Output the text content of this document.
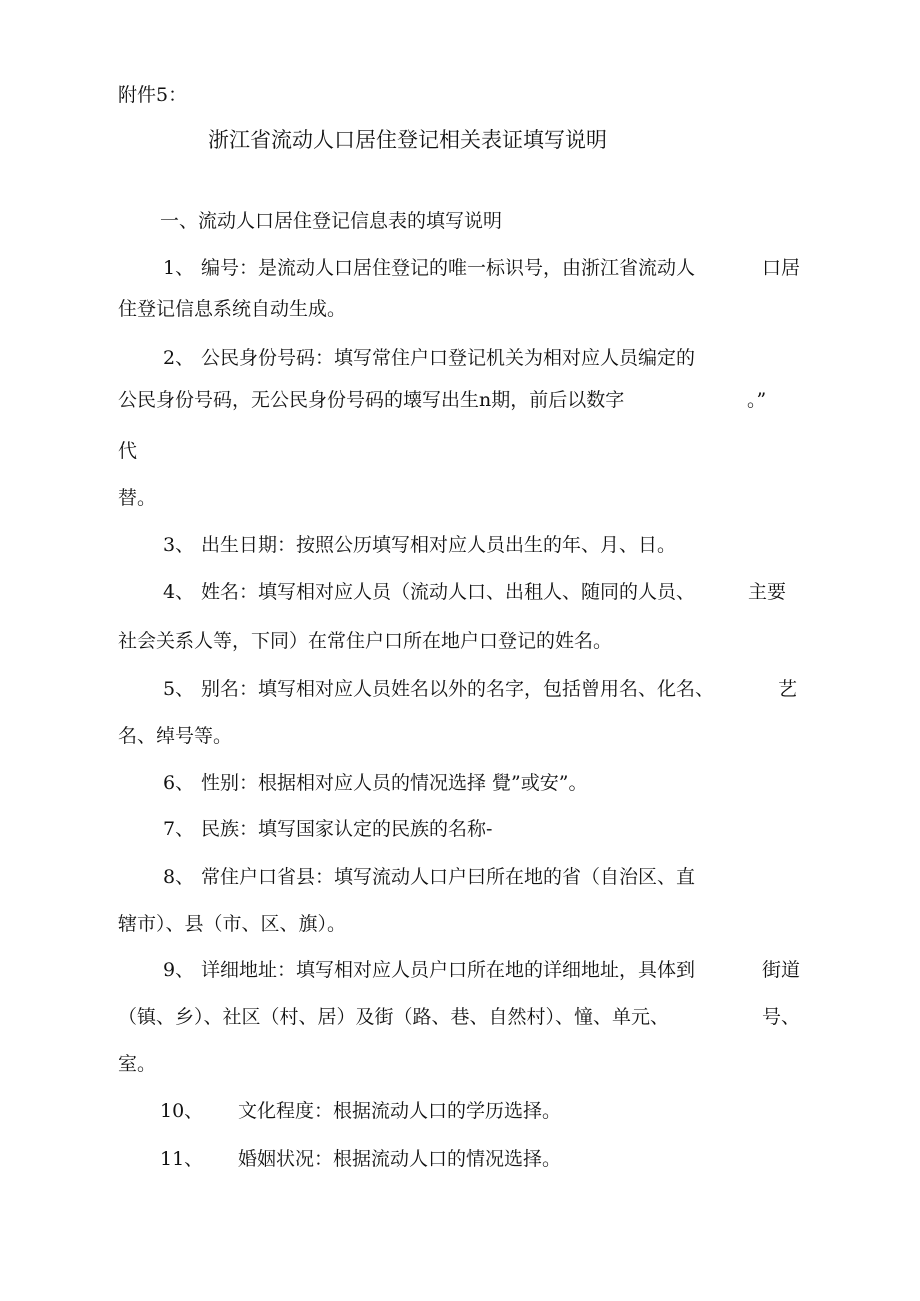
附件5：
浙江省流动人口居住登记相关表证填写说明
一、流动人口居住登记信息表的填写说明
1、 编号：是流动人口居住登记的唯一标识号，由浙江省流动人	口居
住登记信息系统自动生成。
2、 公民身份号码：填写常住户口登记机关为相对应人员编定的
公民身份号码，无公民身份号码的壊写出生n期，前后以数字	。”
代
替。
3、 出生日期：按照公历填写相对应人员出生的年、月、日。
4、 姓名：填写相对应人员（流动人口、出租人、随同的人员、	主要
社会关系人等，下同）在常住户口所在地户口登记的姓名。
5、 别名：填写相对应人员姓名以外的名字，包括曾用名、化名、	艺
名、绰号等。
6、 性别：根据相对应人员的情况选择 覺”或安”。
7、 民族：填写国家认定的民族的名称-
8、 常住户口省县：填写流动人口户曰所在地的省（自治区、直
辖市）、县（市、区、旗）。
9、 详细地址：填写相对应人员户口所在地的详细地址，具体到	街道
（镇、乡）、社区（村、居）及街（路、巷、自然村）、憧、单元、	号、
室。
10、 文化程度：根据流动人口的学历选择。
11、 婚姻状况：根据流动人口的情况选择。
